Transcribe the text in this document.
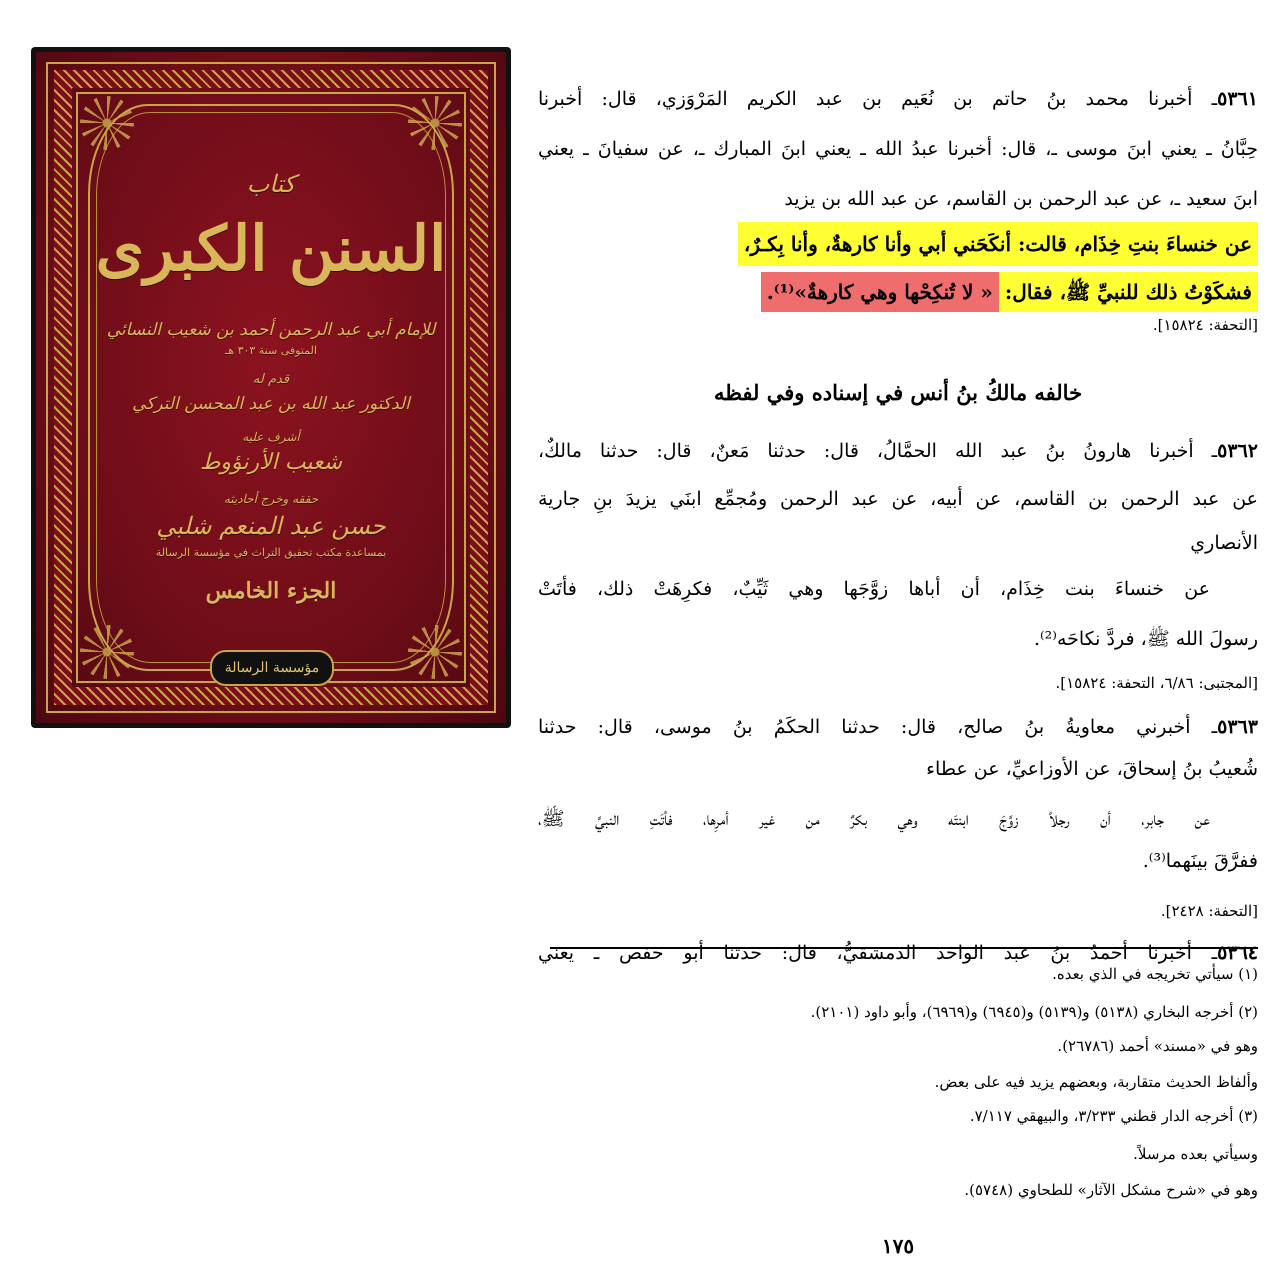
كتاب
السنن الكبرى
للإمام أبي عبد الرحمن أحمد بن شعيب النسائي
المتوفى سنة ٣٠٣ هـ
قدم له
الدكتور عبد الله بن عبد المحسن التركي
أشرف عليه
شعيب الأرنؤوط
حققه وخرج أحاديثه
حسن عبد المنعم شلبي
بمساعدة مكتب تحقيق التراث في مؤسسة الرسالة
الجزء الخامس
مؤسسة الرسالة
٥٣٦١ـ أخبرنا محمد بنُ حاتم بن نُعَيم بن عبد الكريم المَرْوَزي، قال: أخبرنا
حِبَّانُ ـ يعني ابنَ موسى ـ، قال: أخبرنا عبدُ الله ـ يعني ابنَ المبارك ـ، عن سفيانَ ـ يعني
ابنَ سعيد ـ، عن عبد الرحمن بن القاسم، عن عبد الله بن يزيد
عن خنساءَ بنتِ خِذَام، قالت: أنكَحَني أبي وأنا كارهةٌ، وأنا بِكـرٌ،
فشكَوْتُ ذلك للنبيِّ ﷺ، فقال:« لا تُنكِحْها وهي كارهةٌ»⁽¹⁾.
[التحفة: ١٥٨٢٤].
خالفه مالكُ بنُ أنس في إسناده وفي لفظه
٥٣٦٢ـ أخبرنا هارونُ بنُ عبد الله الحمَّالُ، قال: حدثنا مَعنٌ، قال: حدثنا مالكٌ،
عن عبد الرحمن بن القاسم، عن أبيه، عن عبد الرحمن ومُجمِّع ابنَي يزيدَ بنِ جارية
الأنصاري
عن خنساءَ بنت خِذَام، أن أباها زوَّجَها وهي ثَيِّبٌ، فكرِهَتْ ذلك، فأتَتْ
رسولَ الله ﷺ، فردَّ نكاحَه⁽²⁾.
[المجتبى: ٦/٨٦، التحفة: ١٥٨٢٤].
٥٣٦٣ـ أخبرني معاويةُ بنُ صالح، قال: حدثنا الحكَمُ بنُ موسى، قال: حدثنا
شُعيبُ بنُ إسحاقَ، عن الأوزاعيِّ، عن عطاء
عن جابر، أن رجلاً زوَّجَ ابنتَه وهي بكرٌ من غير أمرِها، فأتَتِ النبيَّ ﷺ،
ففرَّقَ بينَهما⁽³⁾.
[التحفة: ٢٤٢٨].
٥٣٦٤ـ أخبرنا أحمدُ بنُ عبد الواحد الدمشقيُّ، قال: حدثنا أبو حفص ـ يعني
(١) سيأتي تخريجه في الذي بعده.
(٢) أخرجه البخاري (٥١٣٨) و(٥١٣٩) و(٦٩٤٥) و(٦٩٦٩)، وأبو داود (٢١٠١).
وهو في «مسند» أحمد (٢٦٧٨٦).
وألفاظ الحديث متقاربة، وبعضهم يزيد فيه على بعض.
(٣) أخرجه الدار قطني ٣/٢٣٣، والبيهقي ٧/١١٧.
وسيأتي بعده مرسلاً.
وهو في «شرح مشكل الآثار» للطحاوي (٥٧٤٨).
١٧٥
